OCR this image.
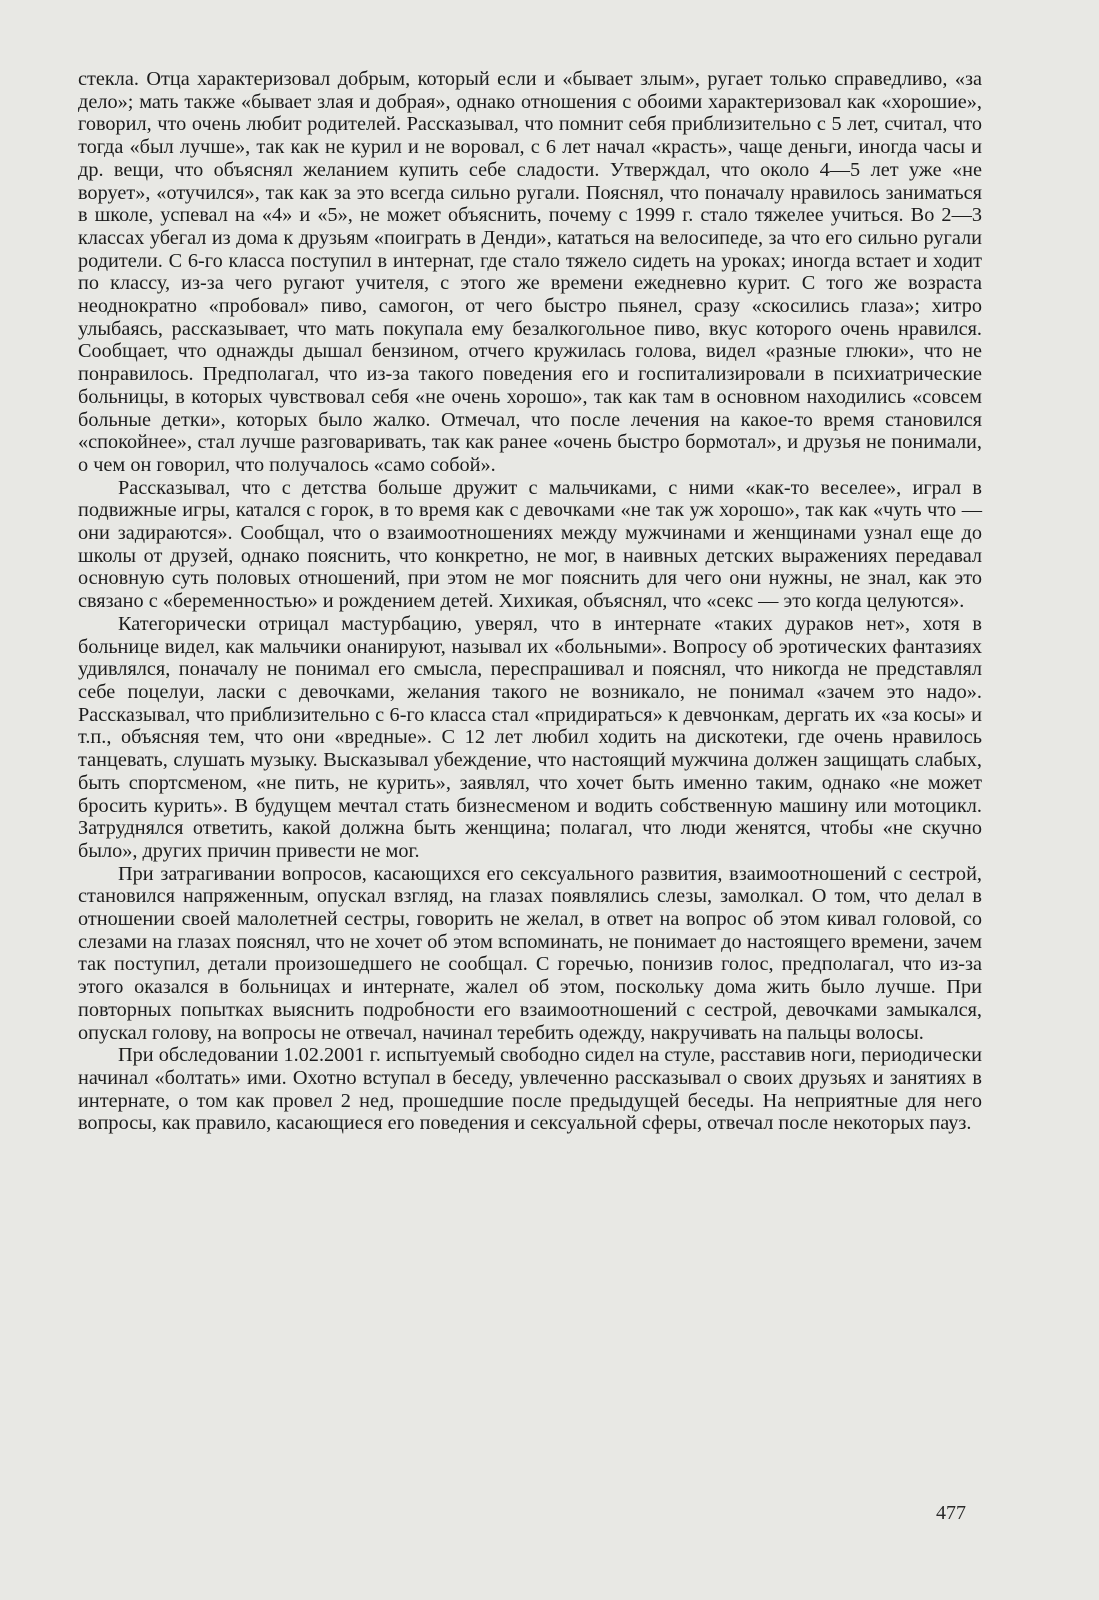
стекла. Отца характеризовал добрым, который если и «бывает злым», ругает только справедливо, «за дело»; мать также «бывает злая и добрая», однако отношения с обоими характеризовал как «хорошие», говорил, что очень любит родителей. Рассказывал, что помнит себя приблизительно с 5 лет, считал, что тогда «был лучше», так как не курил и не воровал, с 6 лет начал «красть», чаще деньги, иногда часы и др. вещи, что объяснял желанием купить себе сладости. Утверждал, что около 4—5 лет уже «не ворует», «отучился», так как за это всегда сильно ругали. Пояснял, что поначалу нравилось заниматься в школе, успевал на «4» и «5», не может объяснить, почему с 1999 г. стало тяжелее учиться. Во 2—3 классах убегал из дома к друзьям «поиграть в Денди», кататься на велосипеде, за что его сильно ругали родители. С 6-го класса поступил в интернат, где стало тяжело сидеть на уроках; иногда встает и ходит по классу, из-за чего ругают учителя, с этого же времени ежедневно курит. С того же возраста неоднократно «пробовал» пиво, самогон, от чего быстро пьянел, сразу «скосились глаза»; хитро улыбаясь, рассказывает, что мать покупала ему безалкогольное пиво, вкус которого очень нравился. Сообщает, что однажды дышал бензином, отчего кружилась голова, видел «разные глюки», что не понравилось. Предполагал, что из-за такого поведения его и госпитализировали в психиатрические больницы, в которых чувствовал себя «не очень хорошо», так как там в основном находились «совсем больные детки», которых было жалко. Отмечал, что после лечения на какое-то время становился «спокойнее», стал лучше разговаривать, так как ранее «очень быстро бормотал», и друзья не понимали, о чем он говорил, что получалось «само собой».

Рассказывал, что с детства больше дружит с мальчиками, с ними «как-то веселее», играл в подвижные игры, катался с горок, в то время как с девочками «не так уж хорошо», так как «чуть что — они задираются». Сообщал, что о взаимоотношениях между мужчинами и женщинами узнал еще до школы от друзей, однако пояснить, что конкретно, не мог, в наивных детских выражениях передавал основную суть половых отношений, при этом не мог пояснить для чего они нужны, не знал, как это связано с «беременностью» и рождением детей. Хихикая, объяснял, что «секс — это когда целуются».

Категорически отрицал мастурбацию, уверял, что в интернате «таких дураков нет», хотя в больнице видел, как мальчики онанируют, называл их «больными». Вопросу об эротических фантазиях удивлялся, поначалу не понимал его смысла, переспрашивал и пояснял, что никогда не представлял себе поцелуи, ласки с девочками, желания такого не возникало, не понимал «зачем это надо». Рассказывал, что приблизительно с 6-го класса стал «придираться» к девчонкам, дергать их «за косы» и т.п., объясняя тем, что они «вредные». С 12 лет любил ходить на дискотеки, где очень нравилось танцевать, слушать музыку. Высказывал убеждение, что настоящий мужчина должен защищать слабых, быть спортсменом, «не пить, не курить», заявлял, что хочет быть именно таким, однако «не может бросить курить». В будущем мечтал стать бизнесменом и водить собственную машину или мотоцикл. Затруднялся ответить, какой должна быть женщина; полагал, что люди женятся, чтобы «не скучно было», других причин привести не мог.

При затрагивании вопросов, касающихся его сексуального развития, взаимоотношений с сестрой, становился напряженным, опускал взгляд, на глазах появлялись слезы, замолкал. О том, что делал в отношении своей малолетней сестры, говорить не желал, в ответ на вопрос об этом кивал головой, со слезами на глазах пояснял, что не хочет об этом вспоминать, не понимает до настоящего времени, зачем так поступил, детали произошедшего не сообщал. С горечью, понизив голос, предполагал, что из-за этого оказался в больницах и интернате, жалел об этом, поскольку дома жить было лучше. При повторных попытках выяснить подробности его взаимоотношений с сестрой, девочками замыкался, опускал голову, на вопросы не отвечал, начинал теребить одежду, накручивать на пальцы волосы.

При обследовании 1.02.2001 г. испытуемый свободно сидел на стуле, расставив ноги, периодически начинал «болтать» ими. Охотно вступал в беседу, увлеченно рассказывал о своих друзьях и занятиях в интернате, о том как провел 2 нед, прошедшие после предыдущей беседы. На неприятные для него вопросы, как правило, касающиеся его поведения и сексуальной сферы, отвечал после некоторых пауз.

477
